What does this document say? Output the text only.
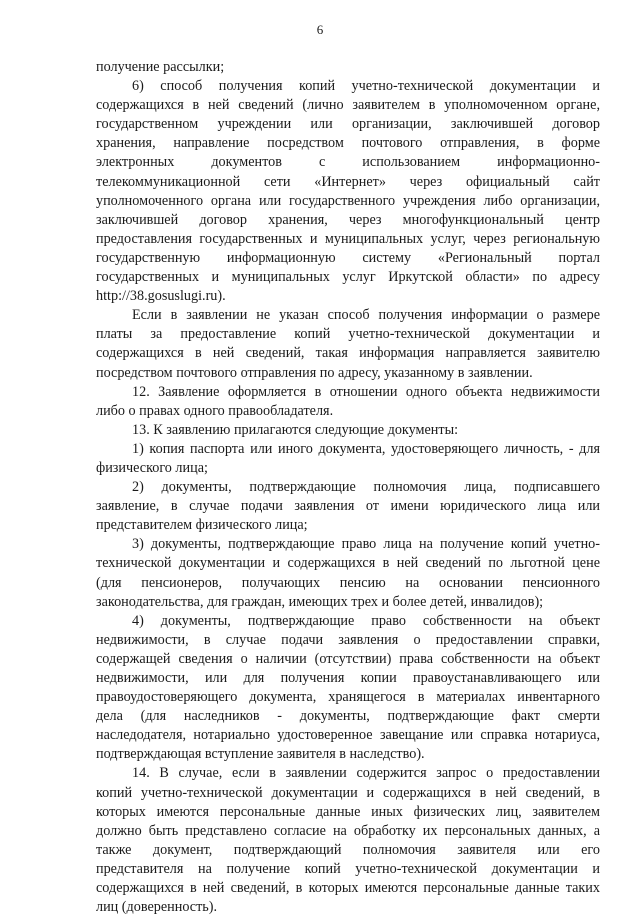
6
получение рассылки;
6) способ получения копий учетно-технической документации и
содержащихся в ней сведений (лично заявителем в уполномоченном органе,
государственном учреждении или организации, заключившей договор
хранения, направление посредством почтового отправления, в форме
электронных документов с использованием информационно-
телекоммуникационной сети «Интернет» через официальный сайт
уполномоченного органа или государственного учреждения либо организации,
заключившей договор хранения, через многофункциональный центр
предоставления государственных и муниципальных услуг, через региональную
государственную информационную систему «Региональный портал
государственных и муниципальных услуг Иркутской области» по адресу
http://38.gosuslugi.ru).
Если в заявлении не указан способ получения информации о размере
платы за предоставление копий учетно-технической документации и
содержащихся в ней сведений, такая информация направляется заявителю
посредством почтового отправления по адресу, указанному в заявлении.
12. Заявление оформляется в отношении одного объекта недвижимости
либо о правах одного правообладателя.
13. К заявлению прилагаются следующие документы:
1) копия паспорта или иного документа, удостоверяющего личность, - для
физического лица;
2) документы, подтверждающие полномочия лица, подписавшего
заявление, в случае подачи заявления от имени юридического лица или
представителем физического лица;
3) документы, подтверждающие право лица на получение копий учетно-
технической документации и содержащихся в ней сведений по льготной цене
(для пенсионеров, получающих пенсию на основании пенсионного
законодательства, для граждан, имеющих трех и более детей, инвалидов);
4) документы, подтверждающие право собственности на объект
недвижимости, в случае подачи заявления о предоставлении справки,
содержащей сведения о наличии (отсутствии) права собственности на объект
недвижимости, или для получения копии правоустанавливающего или
правоудостоверяющего документа, хранящегося в материалах инвентарного
дела (для наследников - документы, подтверждающие факт смерти
наследодателя, нотариально удостоверенное завещание или справка нотариуса,
подтверждающая вступление заявителя в наследство).
14. В случае, если в заявлении содержится запрос о предоставлении
копий учетно-технической документации и содержащихся в ней сведений, в
которых имеются персональные данные иных физических лиц, заявителем
должно быть представлено согласие на обработку их персональных данных, а
также документ, подтверждающий полномочия заявителя или его
представителя на получение копий учетно-технической документации и
содержащихся в ней сведений, в которых имеются персональные данные таких
лиц (доверенность).
